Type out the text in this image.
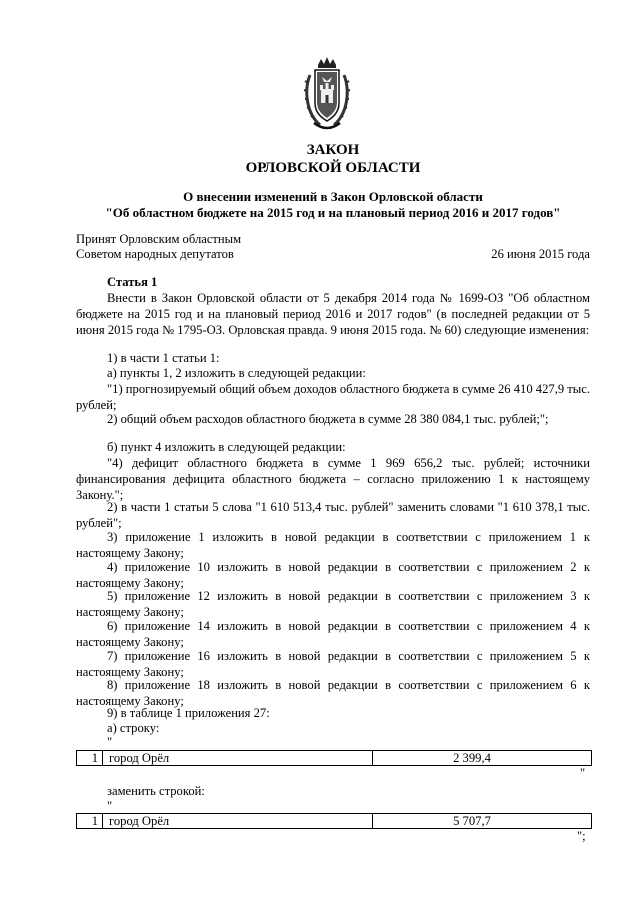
ЗАКОН
ОРЛОВСКОЙ ОБЛАСТИ
О внесении изменений в Закон Орловской области
"Об областном бюджете на 2015 год и на плановый период 2016 и 2017 годов"
Принят Орловским областным
Советом народных депутатов	26 июня 2015 года
Статья 1
Внести в Закон Орловской области от 5 декабря 2014 года № 1699-ОЗ "Об областном бюджете на 2015 год и на плановый период 2016 и 2017 годов" (в последней редакции от 5 июня 2015 года № 1795-ОЗ. Орловская правда. 9 июня 2015 года. № 60) следующие изменения:
1) в части 1 статьи 1:
а) пункты 1, 2 изложить в следующей редакции:
"1) прогнозируемый общий объем доходов областного бюджета в сумме 26 410 427,9 тыс. рублей;
2) общий объем расходов областного бюджета в сумме 28 380 084,1 тыс. рублей;";
б) пункт 4 изложить в следующей редакции:
"4) дефицит областного бюджета в сумме 1 969 656,2 тыс. рублей; источники финансирования дефицита областного бюджета – согласно приложению 1 к настоящему Закону.";
2) в части 1 статьи 5 слова "1 610 513,4 тыс. рублей" заменить словами "1 610 378,1 тыс. рублей";
3) приложение 1 изложить в новой редакции в соответствии с приложением 1 к настоящему Закону;
4) приложение 10 изложить в новой редакции в соответствии с приложением 2 к настоящему Закону;
5) приложение 12 изложить в новой редакции в соответствии с приложением 3 к настоящему Закону;
6) приложение 14 изложить в новой редакции в соответствии с приложением 4 к настоящему Закону;
7) приложение 16 изложить в новой редакции в соответствии с приложением 5 к настоящему Закону;
8) приложение 18 изложить в новой редакции в соответствии с приложением 6 к настоящему Закону;
9) в таблице 1 приложения 27:
а) строку:
"
1 город Орёл	2 399,4
"
заменить строкой:
"
1 город Орёл	5 707,7
";
